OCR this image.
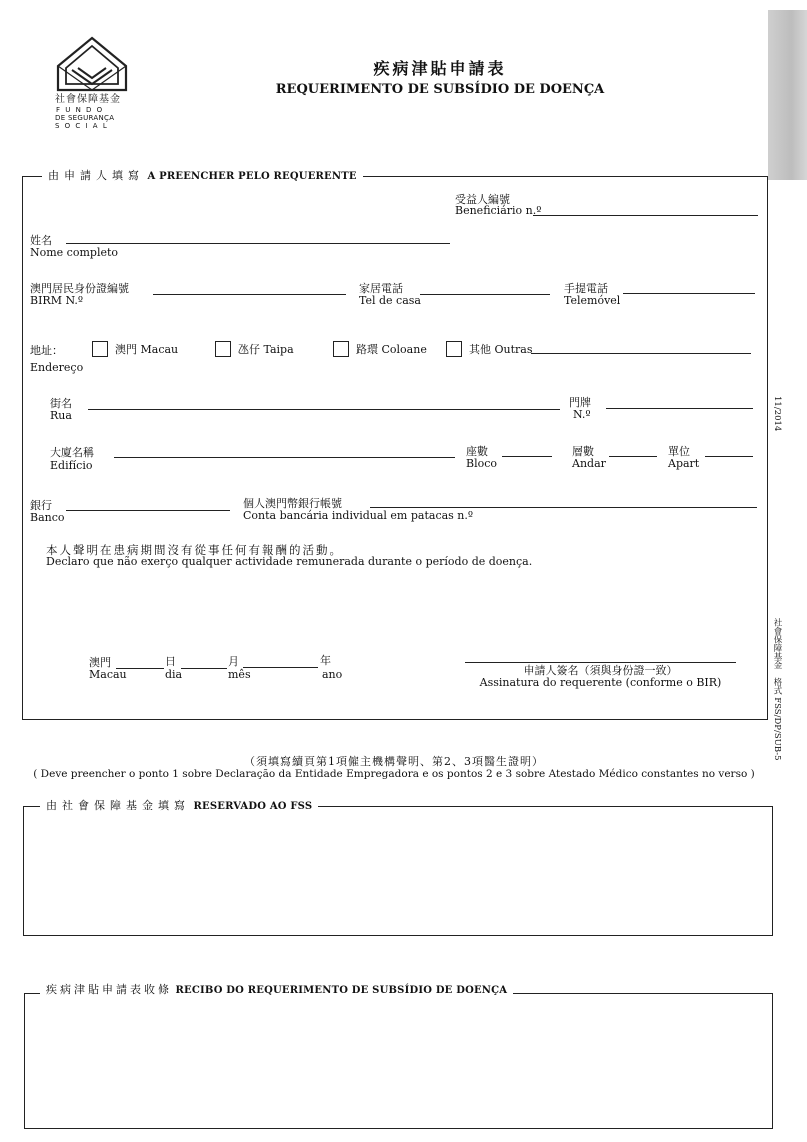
社會保障基金
F U N D O
DE SEGURANÇA
S O C I A L
疾病津貼申請表
REQUERIMENTO DE SUBSÍDIO DE DOENÇA
由申請人填寫 A PREENCHER PELO REQUERENTE
受益人編號
Beneficiário n.º
姓名
Nome completo
澳門居民身份證編號
BIRM N.º
家居電話
Tel de casa
手提電話
Telemóvel
地址：
Endereço
澳門 Macau	氹仔 Taipa	路環 Coloane	其他 Outras
街名
Rua
門牌
N.º
大廈名稱
Edifício
座數
Bloco
層數
Andar
單位
Apart
銀行
Banco
個人澳門幣銀行帳號
Conta bancária individual em patacas n.º
本人聲明在患病期間沒有從事任何有報酬的活動。
Declaro que não exerço qualquer actividade remunerada durante o período de doença.
澳門
Macau
日
dia
月
mês
年
ano	申請人簽名（須與身份證一致）
Assinatura do requerente (conforme o BIR)
（須填寫續頁第1項僱主機構聲明、第2、3項醫生證明）
( Deve preencher o ponto 1 sobre Declaração da Entidade Empregadora e os pontos 2 e 3 sobre Atestado Médico constantes no verso )
由社會保障基金填寫 RESERVADO AO FSS
疾病津貼申請表收條 RECIBO DO REQUERIMENTO DE SUBSÍDIO DE DOENÇA
11/2014
社會保障基金　格式 FSS/DP/SUB-5
